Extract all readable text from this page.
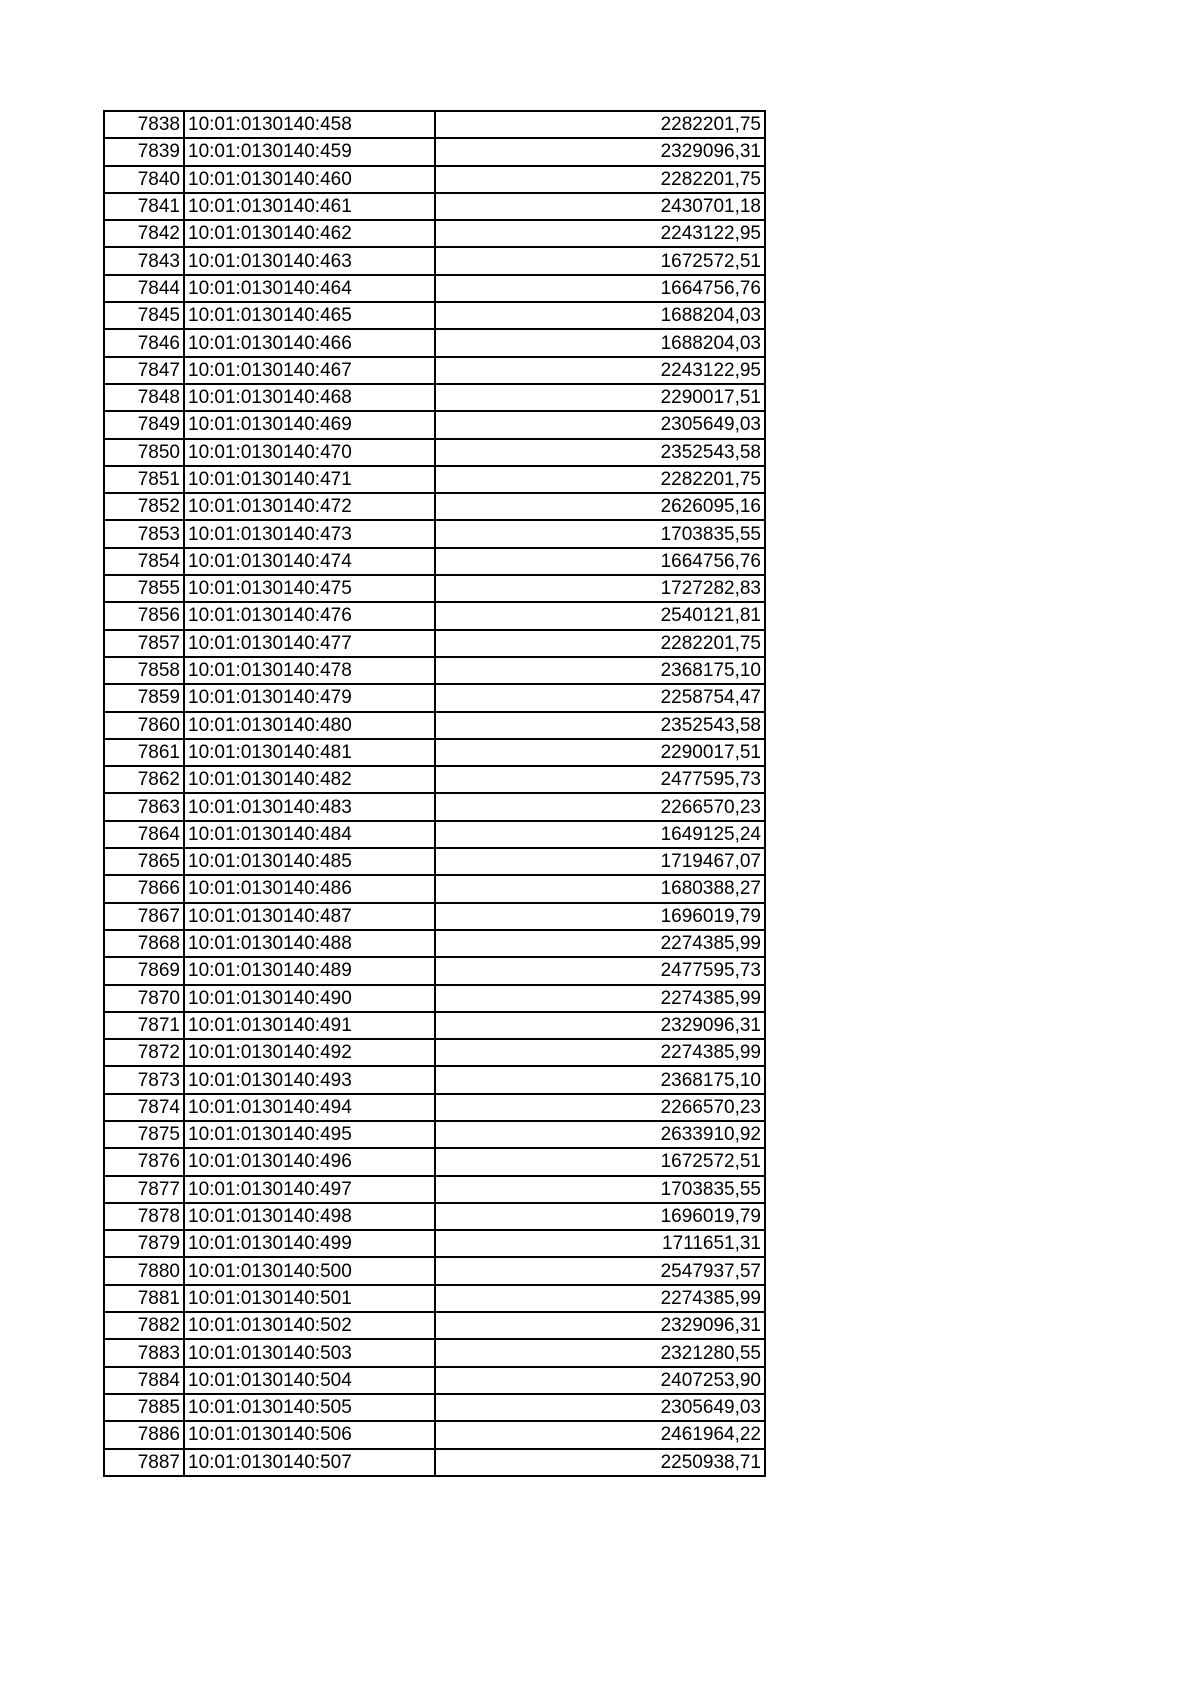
7838	10:01:0130140:458	2282201,75
7839	10:01:0130140:459	2329096,31
7840	10:01:0130140:460	2282201,75
7841	10:01:0130140:461	2430701,18
7842	10:01:0130140:462	2243122,95
7843	10:01:0130140:463	1672572,51
7844	10:01:0130140:464	1664756,76
7845	10:01:0130140:465	1688204,03
7846	10:01:0130140:466	1688204,03
7847	10:01:0130140:467	2243122,95
7848	10:01:0130140:468	2290017,51
7849	10:01:0130140:469	2305649,03
7850	10:01:0130140:470	2352543,58
7851	10:01:0130140:471	2282201,75
7852	10:01:0130140:472	2626095,16
7853	10:01:0130140:473	1703835,55
7854	10:01:0130140:474	1664756,76
7855	10:01:0130140:475	1727282,83
7856	10:01:0130140:476	2540121,81
7857	10:01:0130140:477	2282201,75
7858	10:01:0130140:478	2368175,10
7859	10:01:0130140:479	2258754,47
7860	10:01:0130140:480	2352543,58
7861	10:01:0130140:481	2290017,51
7862	10:01:0130140:482	2477595,73
7863	10:01:0130140:483	2266570,23
7864	10:01:0130140:484	1649125,24
7865	10:01:0130140:485	1719467,07
7866	10:01:0130140:486	1680388,27
7867	10:01:0130140:487	1696019,79
7868	10:01:0130140:488	2274385,99
7869	10:01:0130140:489	2477595,73
7870	10:01:0130140:490	2274385,99
7871	10:01:0130140:491	2329096,31
7872	10:01:0130140:492	2274385,99
7873	10:01:0130140:493	2368175,10
7874	10:01:0130140:494	2266570,23
7875	10:01:0130140:495	2633910,92
7876	10:01:0130140:496	1672572,51
7877	10:01:0130140:497	1703835,55
7878	10:01:0130140:498	1696019,79
7879	10:01:0130140:499	1711651,31
7880	10:01:0130140:500	2547937,57
7881	10:01:0130140:501	2274385,99
7882	10:01:0130140:502	2329096,31
7883	10:01:0130140:503	2321280,55
7884	10:01:0130140:504	2407253,90
7885	10:01:0130140:505	2305649,03
7886	10:01:0130140:506	2461964,22
7887	10:01:0130140:507	2250938,71
